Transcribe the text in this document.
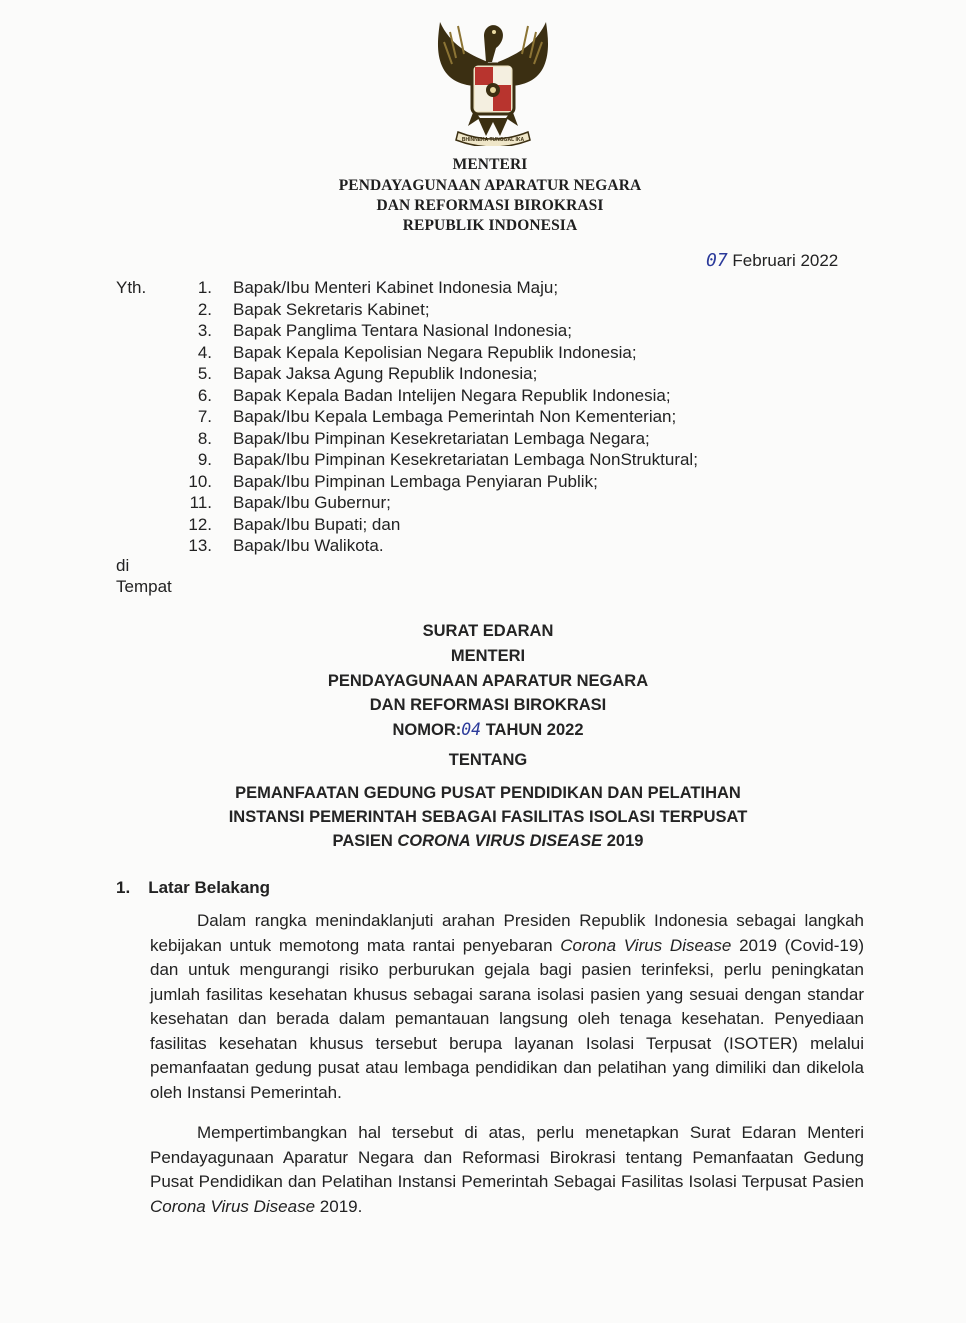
BHINNEKA TUNGGAL IKA
MENTERI
PENDAYAGUNAAN APARATUR NEGARA
DAN REFORMASI BIROKRASI
REPUBLIK INDONESIA
07 Februari 2022
Yth.	1. Bapak/Ibu Menteri Kabinet Indonesia Maju;
2. Bapak Sekretaris Kabinet;
3. Bapak Panglima Tentara Nasional Indonesia;
4. Bapak Kepala Kepolisian Negara Republik Indonesia;
5. Bapak Jaksa Agung Republik Indonesia;
6. Bapak Kepala Badan Intelijen Negara Republik Indonesia;
7. Bapak/Ibu Kepala Lembaga Pemerintah Non Kementerian;
8. Bapak/Ibu Pimpinan Kesekretariatan Lembaga Negara;
9. Bapak/Ibu Pimpinan Kesekretariatan Lembaga NonStruktural;
10. Bapak/Ibu Pimpinan Lembaga Penyiaran Publik;
11. Bapak/Ibu Gubernur;
12. Bapak/Ibu Bupati; dan
13. Bapak/Ibu Walikota.
di
Tempat
SURAT EDARAN
MENTERI
PENDAYAGUNAAN APARATUR NEGARA
DAN REFORMASI BIROKRASI
NOMOR:04 TAHUN 2022
TENTANG
PEMANFAATAN GEDUNG PUSAT PENDIDIKAN DAN PELATIHAN
INSTANSI PEMERINTAH SEBAGAI FASILITAS ISOLASI TERPUSAT
PASIEN CORONA VIRUS DISEASE 2019
1. Latar Belakang

Dalam rangka menindaklanjuti arahan Presiden Republik Indonesia sebagai langkah kebijakan untuk memotong mata rantai penyebaran Corona Virus Disease 2019 (Covid-19) dan untuk mengurangi risiko perburukan gejala bagi pasien terinfeksi, perlu peningkatan jumlah fasilitas kesehatan khusus sebagai sarana isolasi pasien yang sesuai dengan standar kesehatan dan berada dalam pemantauan langsung oleh tenaga kesehatan. Penyediaan fasilitas kesehatan khusus tersebut berupa layanan Isolasi Terpusat (ISOTER) melalui pemanfaatan gedung pusat atau lembaga pendidikan dan pelatihan yang dimiliki dan dikelola oleh Instansi Pemerintah.

Mempertimbangkan hal tersebut di atas, perlu menetapkan Surat Edaran Menteri Pendayagunaan Aparatur Negara dan Reformasi Birokrasi tentang Pemanfaatan Gedung Pusat Pendidikan dan Pelatihan Instansi Pemerintah Sebagai Fasilitas Isolasi Terpusat Pasien Corona Virus Disease 2019.
